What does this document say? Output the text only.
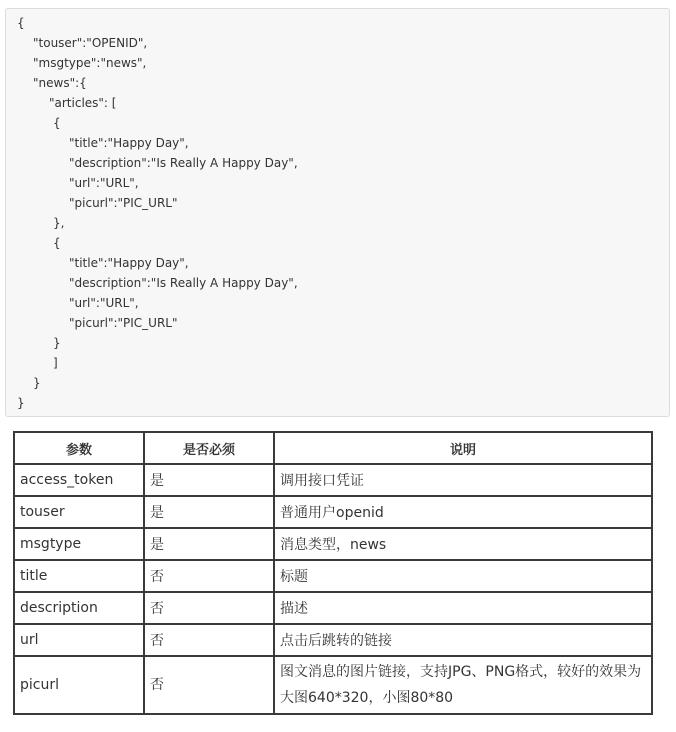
{
"touser":"OPENID",
"msgtype":"news",
"news":{
"articles": [
{
"title":"Happy Day",
"description":"Is Really A Happy Day",
"url":"URL",
"picurl":"PIC_URL"
},
{
"title":"Happy Day",
"description":"Is Really A Happy Day",
"url":"URL",
"picurl":"PIC_URL"
}
]
}
}
参数	是否必须	说明
access_token	是	调用接口凭证
touser	是	普通用户openid
msgtype	是	消息类型，news
title	否	标题
description	否	描述
url	否	点击后跳转的链接
picurl	否	图文消息的图片链接，支持JPG、PNG格式，较好的效果为大图640*320，小图80*80
